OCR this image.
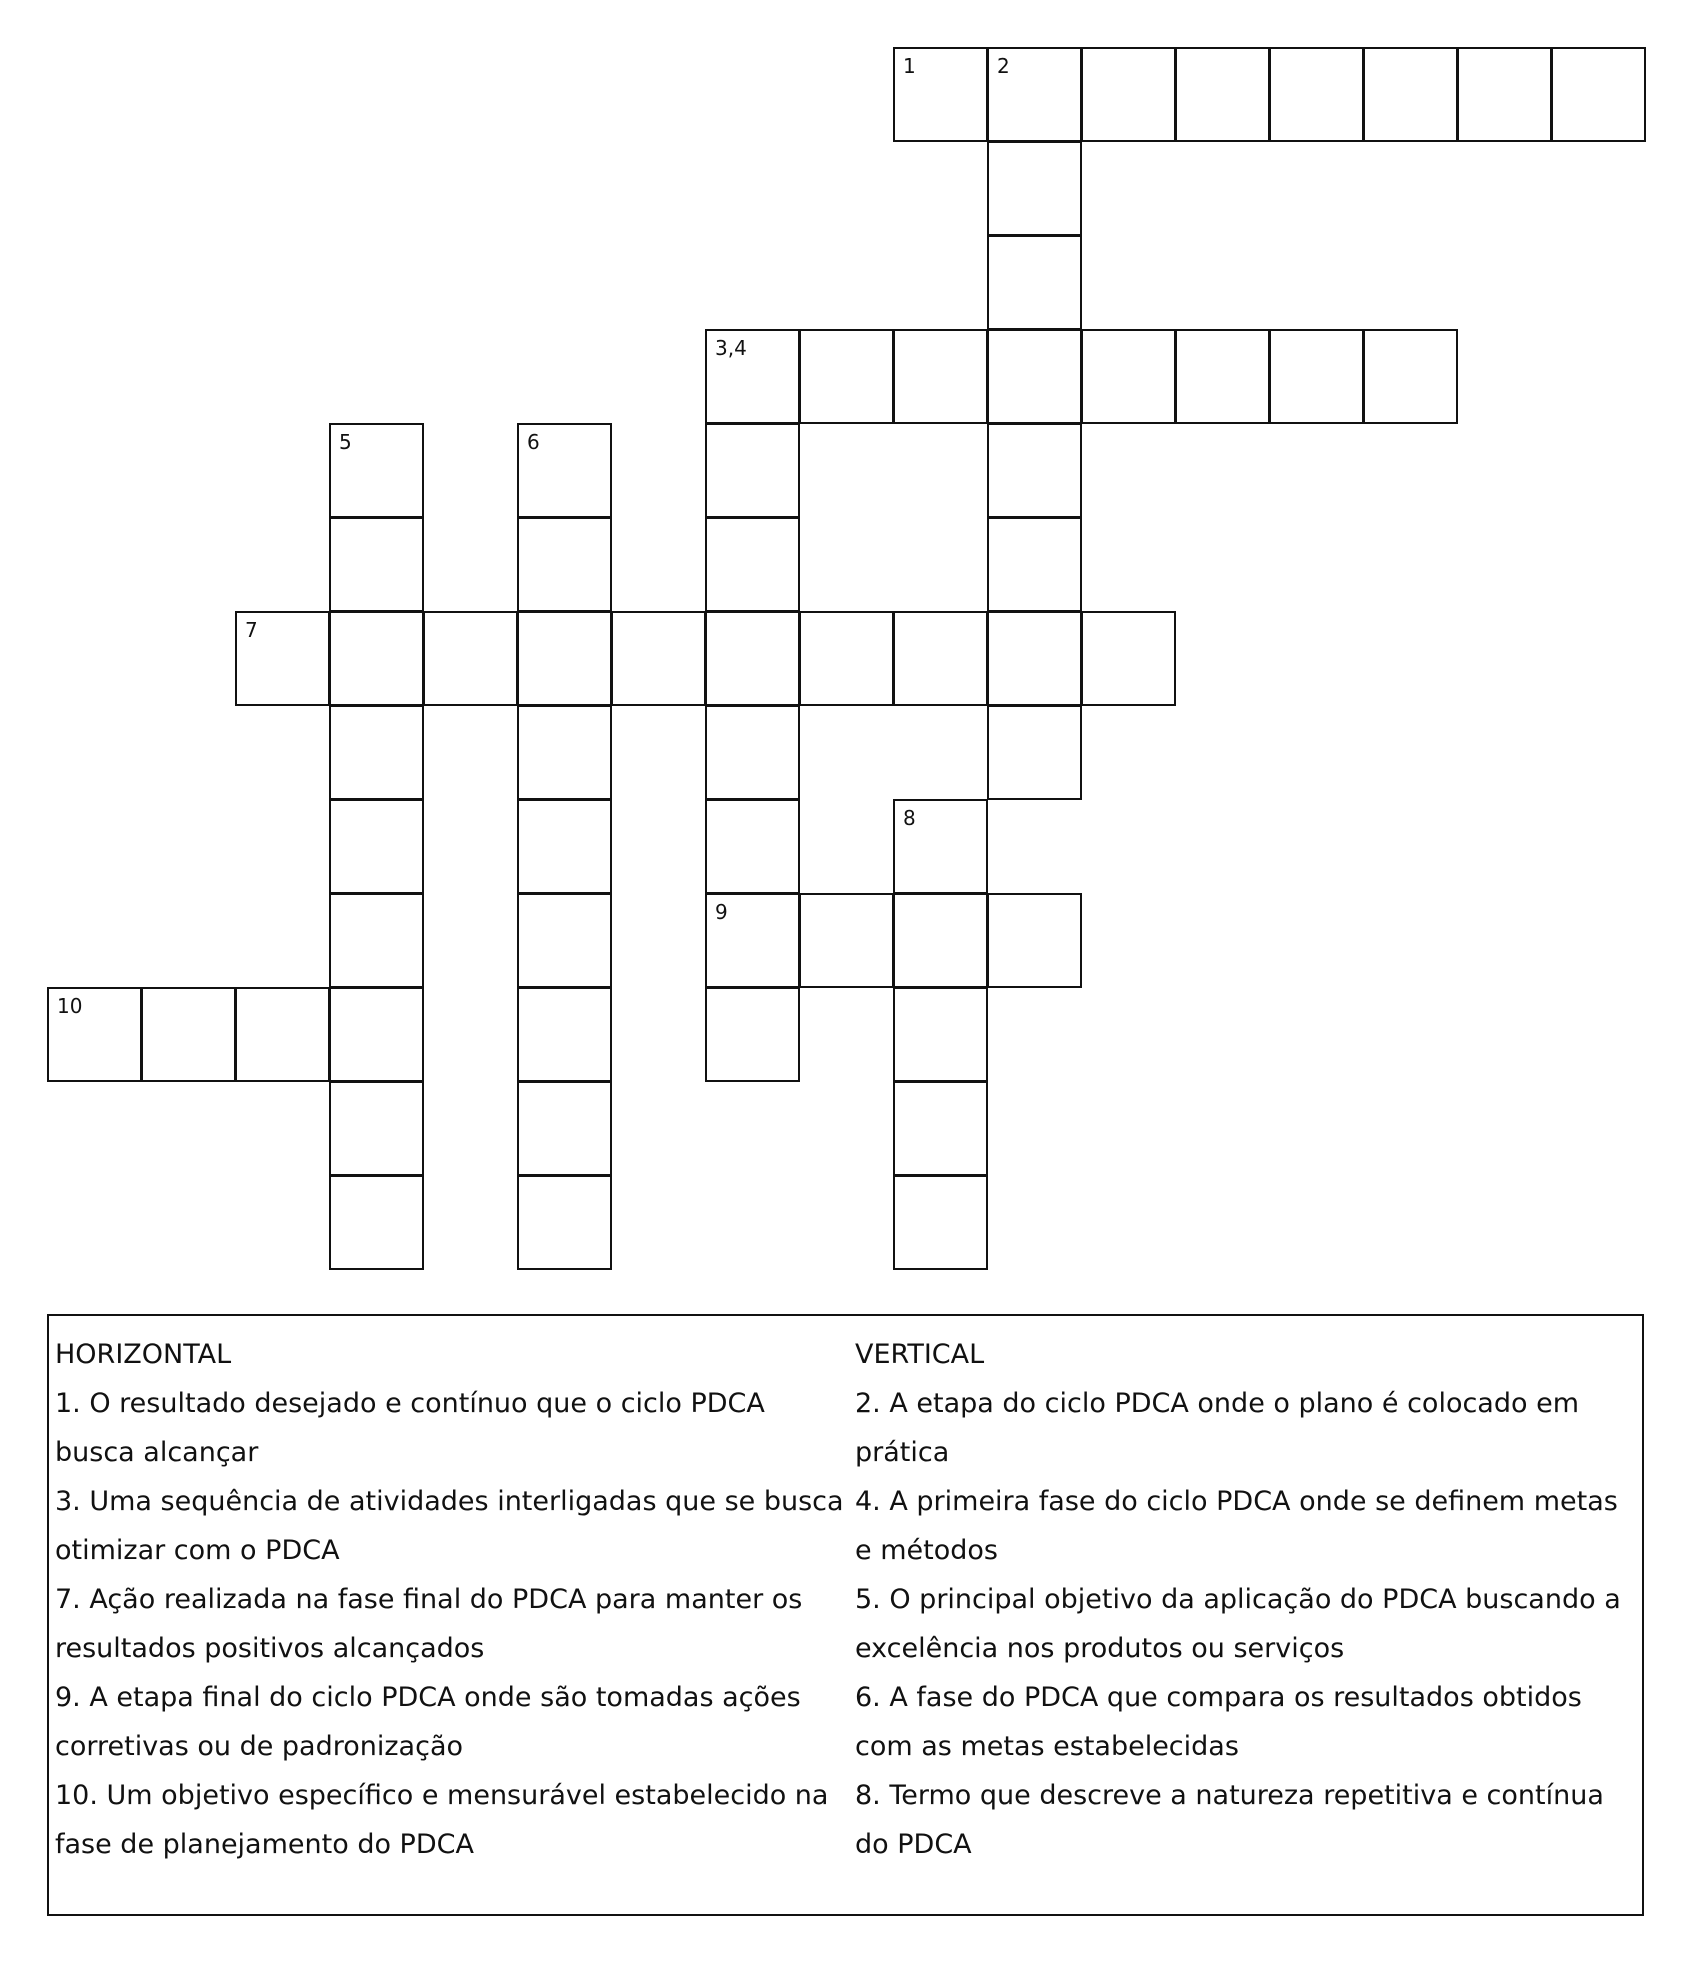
1	2
3,4
9
5	6
7
8
10
HORIZONTAL
1. O resultado desejado e contínuo que o ciclo PDCA busca alcançar
3. Uma sequência de atividades interligadas que se busca otimizar com o PDCA
7. Ação realizada na fase final do PDCA para manter os resultados positivos alcançados
9. A etapa final do ciclo PDCA onde são tomadas ações corretivas ou de padronização
10. Um objetivo específico e mensurável estabelecido na fase de planejamento do PDCA
VERTICAL
2. A etapa do ciclo PDCA onde o plano é colocado em prática
4. A primeira fase do ciclo PDCA onde se definem metas e métodos
5. O principal objetivo da aplicação do PDCA buscando a excelência nos produtos ou serviços
6. A fase do PDCA que compara os resultados obtidos com as metas estabelecidas
8. Termo que descreve a natureza repetitiva e contínua do PDCA
